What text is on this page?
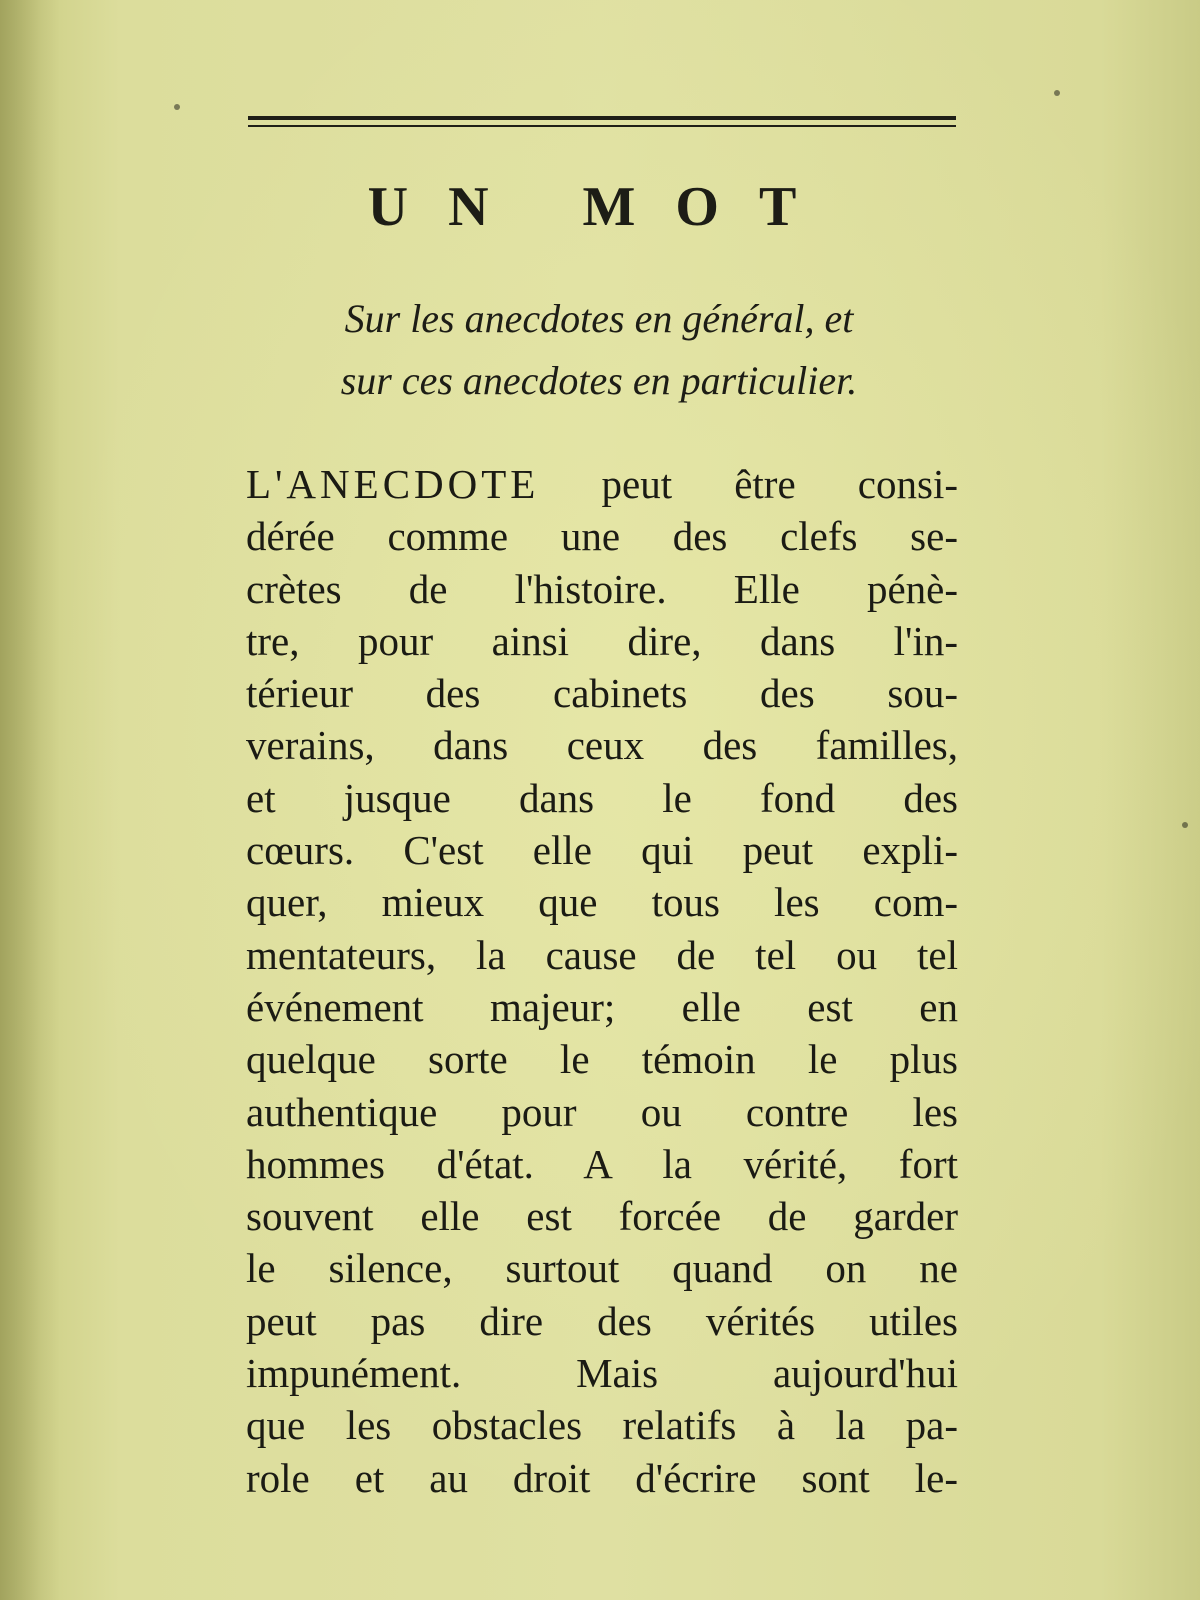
UN MOT
Sur les anecdotes en général, et
sur ces anecdotes en particulier.
L'ANECDOTE peut être consi-
dérée comme une des clefs se-
crètes de l'histoire. Elle pénè-
tre, pour ainsi dire, dans l'in-
térieur des cabinets des sou-
verains, dans ceux des familles,
et jusque dans le fond des
cœurs. C'est elle qui peut expli-
quer, mieux que tous les com-
mentateurs, la cause de tel ou tel
événement majeur; elle est en
quelque sorte le témoin le plus
authentique pour ou contre les
hommes d'état. A la vérité, fort
souvent elle est forcée de garder
le silence, surtout quand on ne
peut pas dire des vérités utiles
impunément. Mais aujourd'hui
que les obstacles relatifs à la pa-
role et au droit d'écrire sont le-
